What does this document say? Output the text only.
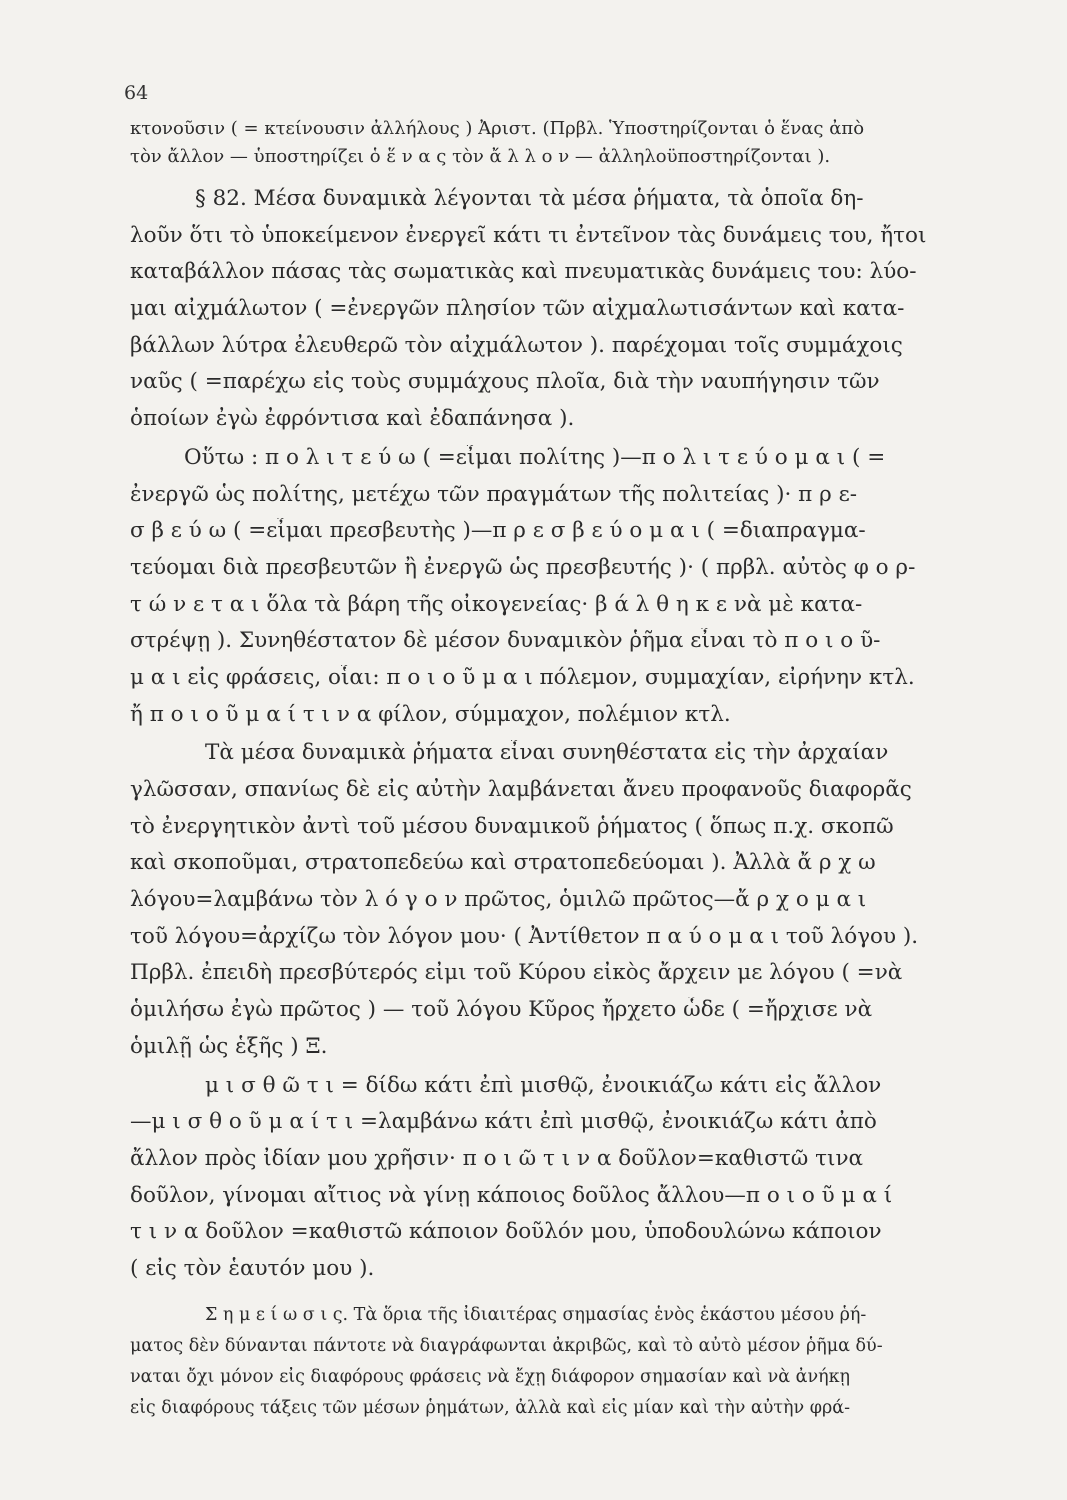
64
κτονοῦσιν ( = κτείνουσιν ἀλλήλους ) Ἀριστ. (Πρβλ. Ὑποστηρίζονται ὁ ἕνας ἀπὸ
τὸν ἄλλον — ὑποστηρίζει ὁ ἕ ν α ς τὸν ἄ λ λ ο ν — ἀλληλοϋποστηρίζονται ).
§ 82. Μέσα δυναμικὰ λέγονται τὰ μέσα ῥήματα, τὰ ὁποῖα δη-
λοῦν ὅτι τὸ ὑποκείμενον ἐνεργεῖ κάτι τι ἐντεῖνον τὰς δυνάμεις του, ἤτοι
καταβάλλον πάσας τὰς σωματικὰς καὶ πνευματικὰς δυνάμεις του: λύο-
μαι αἰχμάλωτον ( =ἐνεργῶν πλησίον τῶν αἰχμαλωτισάντων καὶ κατα-
βάλλων λύτρα ἐλευθερῶ τὸν αἰχμάλωτον ). παρέχομαι τοῖς συμμάχοις
ναῦς ( =παρέχω εἰς τοὺς συμμάχους πλοῖα, διὰ τὴν ναυπήγησιν τῶν
ὁποίων ἐγὼ ἐφρόντισα καὶ ἐδαπάνησα ).
Οὕτω : π ο λ ι τ ε ύ ω ( =εἶμαι πολίτης )—π ο λ ι τ ε ύ ο μ α ι ( =
ἐνεργῶ ὡς πολίτης, μετέχω τῶν πραγμάτων τῆς πολιτείας )· π ρ ε-
σ β ε ύ ω ( =εἶμαι πρεσβευτὴς )—π ρ ε σ β ε ύ ο μ α ι ( =διαπραγμα-
τεύομαι διὰ πρεσβευτῶν ἢ ἐνεργῶ ὡς πρεσβευτής )· ( πρβλ. αὐτὸς φ ο ρ-
τ ώ ν ε τ α ι ὅλα τὰ βάρη τῆς οἰκογενείας· β ά λ θ η κ ε νὰ μὲ κατα-
στρέψῃ ). Συνηθέστατον δὲ μέσον δυναμικὸν ῥῆμα εἶναι τὸ π ο ι ο ῦ-
μ α ι εἰς φράσεις, οἷαι: π ο ι ο ῦ μ α ι πόλεμον, συμμαχίαν, εἰρήνην κτλ.
ἤ π ο ι ο ῦ μ α ί τ ι ν α φίλον, σύμμαχον, πολέμιον κτλ.
Τὰ μέσα δυναμικὰ ῥήματα εἶναι συνηθέστατα εἰς τὴν ἀρχαίαν
γλῶσσαν, σπανίως δὲ εἰς αὐτὴν λαμβάνεται ἄνευ προφανοῦς διαφορᾶς
τὸ ἐνεργητικὸν ἀντὶ τοῦ μέσου δυναμικοῦ ῥήματος ( ὅπως π.χ. σκοπῶ
καὶ σκοποῦμαι, στρατοπεδεύω καὶ στρατοπεδεύομαι ). Ἀλλὰ ἄ ρ χ ω
λόγου=λαμβάνω τὸν λ ό γ ο ν πρῶτος, ὁμιλῶ πρῶτος—ἄ ρ χ ο μ α ι
τοῦ λόγου=ἀρχίζω τὸν λόγον μου· ( Ἀντίθετον π α ύ ο μ α ι τοῦ λόγου ).
Πρβλ. ἐπειδὴ πρεσβύτερός εἰμι τοῦ Κύρου εἰκὸς ἄρχειν με λόγου ( =νὰ
ὁμιλήσω ἐγὼ πρῶτος ) — τοῦ λόγου Κῦρος ἤρχετο ὧδε ( =ἤρχισε νὰ
ὁμιλῇ ὡς ἑξῆς ) Ξ.
μ ι σ θ ῶ τ ι = δίδω κάτι ἐπὶ μισθῷ, ἐνοικιάζω κάτι εἰς ἄλλον
—μ ι σ θ ο ῦ μ α ί τ ι =λαμβάνω κάτι ἐπὶ μισθῷ, ἐνοικιάζω κάτι ἀπὸ
ἄλλον πρὸς ἰδίαν μου χρῆσιν· π ο ι ῶ τ ι ν α δοῦλον=καθιστῶ τινα
δοῦλον, γίνομαι αἴτιος νὰ γίνῃ κάποιος δοῦλος ἄλλου—π ο ι ο ῦ μ α ί
τ ι ν α δοῦλον =καθιστῶ κάποιον δοῦλόν μου, ὑποδουλώνω κάποιον
( εἰς τὸν ἑαυτόν μου ).
Σ η μ ε ί ω σ ι ς. Τὰ ὅρια τῆς ἰδιαιτέρας σημασίας ἑνὸς ἑκάστου μέσου ῥή-
ματος δὲν δύνανται πάντοτε νὰ διαγράφωνται ἀκριβῶς, καὶ τὸ αὐτὸ μέσον ῥῆμα δύ-
ναται ὄχι μόνον εἰς διαφόρους φράσεις νὰ ἔχῃ διάφορον σημασίαν καὶ νὰ ἀνήκῃ
εἰς διαφόρους τάξεις τῶν μέσων ῥημάτων, ἀλλὰ καὶ εἰς μίαν καὶ τὴν αὐτὴν φρά-
